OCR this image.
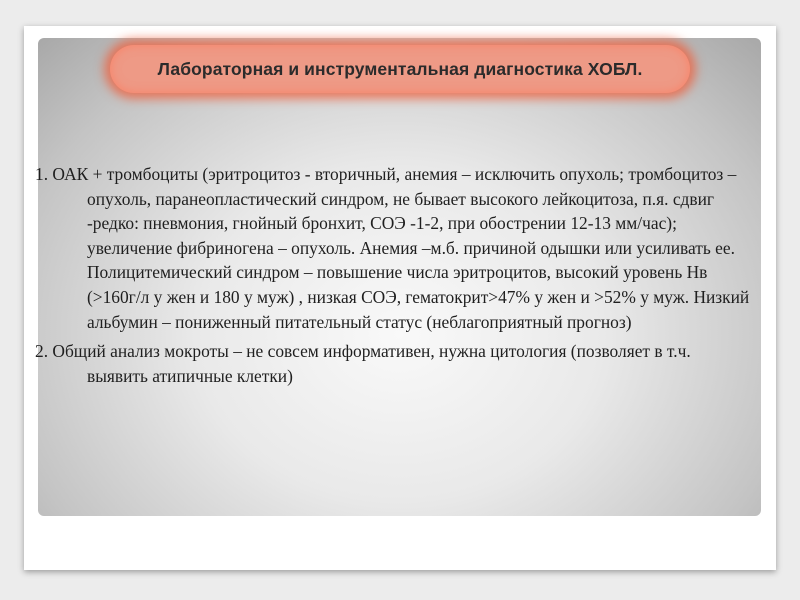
Лабораторная и инструментальная диагностика ХОБЛ.

1. ОАК + тромбоциты (эритроцитоз - вторичный, анемия – исключить опухоль; тромбоцитоз – опухоль, паранеопластический синдром, не бывает высокого лейкоцитоза, п.я. сдвиг -редко: пневмония, гнойный бронхит, СОЭ -1-2, при обострении 12-13 мм/час); увеличение фибриногена – опухоль. Анемия –м.б. причиной одышки или усиливать ее. Полицитемический синдром – повышение числа эритроцитов, высокий уровень Нв (>160г/л у жен и 180 у муж) , низкая СОЭ, гематокрит>47% у жен и >52% у муж. Низкий альбумин – пониженный питательный статус (неблагоприятный прогноз)

2. Общий анализ мокроты – не совсем информативен, нужна цитология (позволяет в т.ч. выявить атипичные клетки)
